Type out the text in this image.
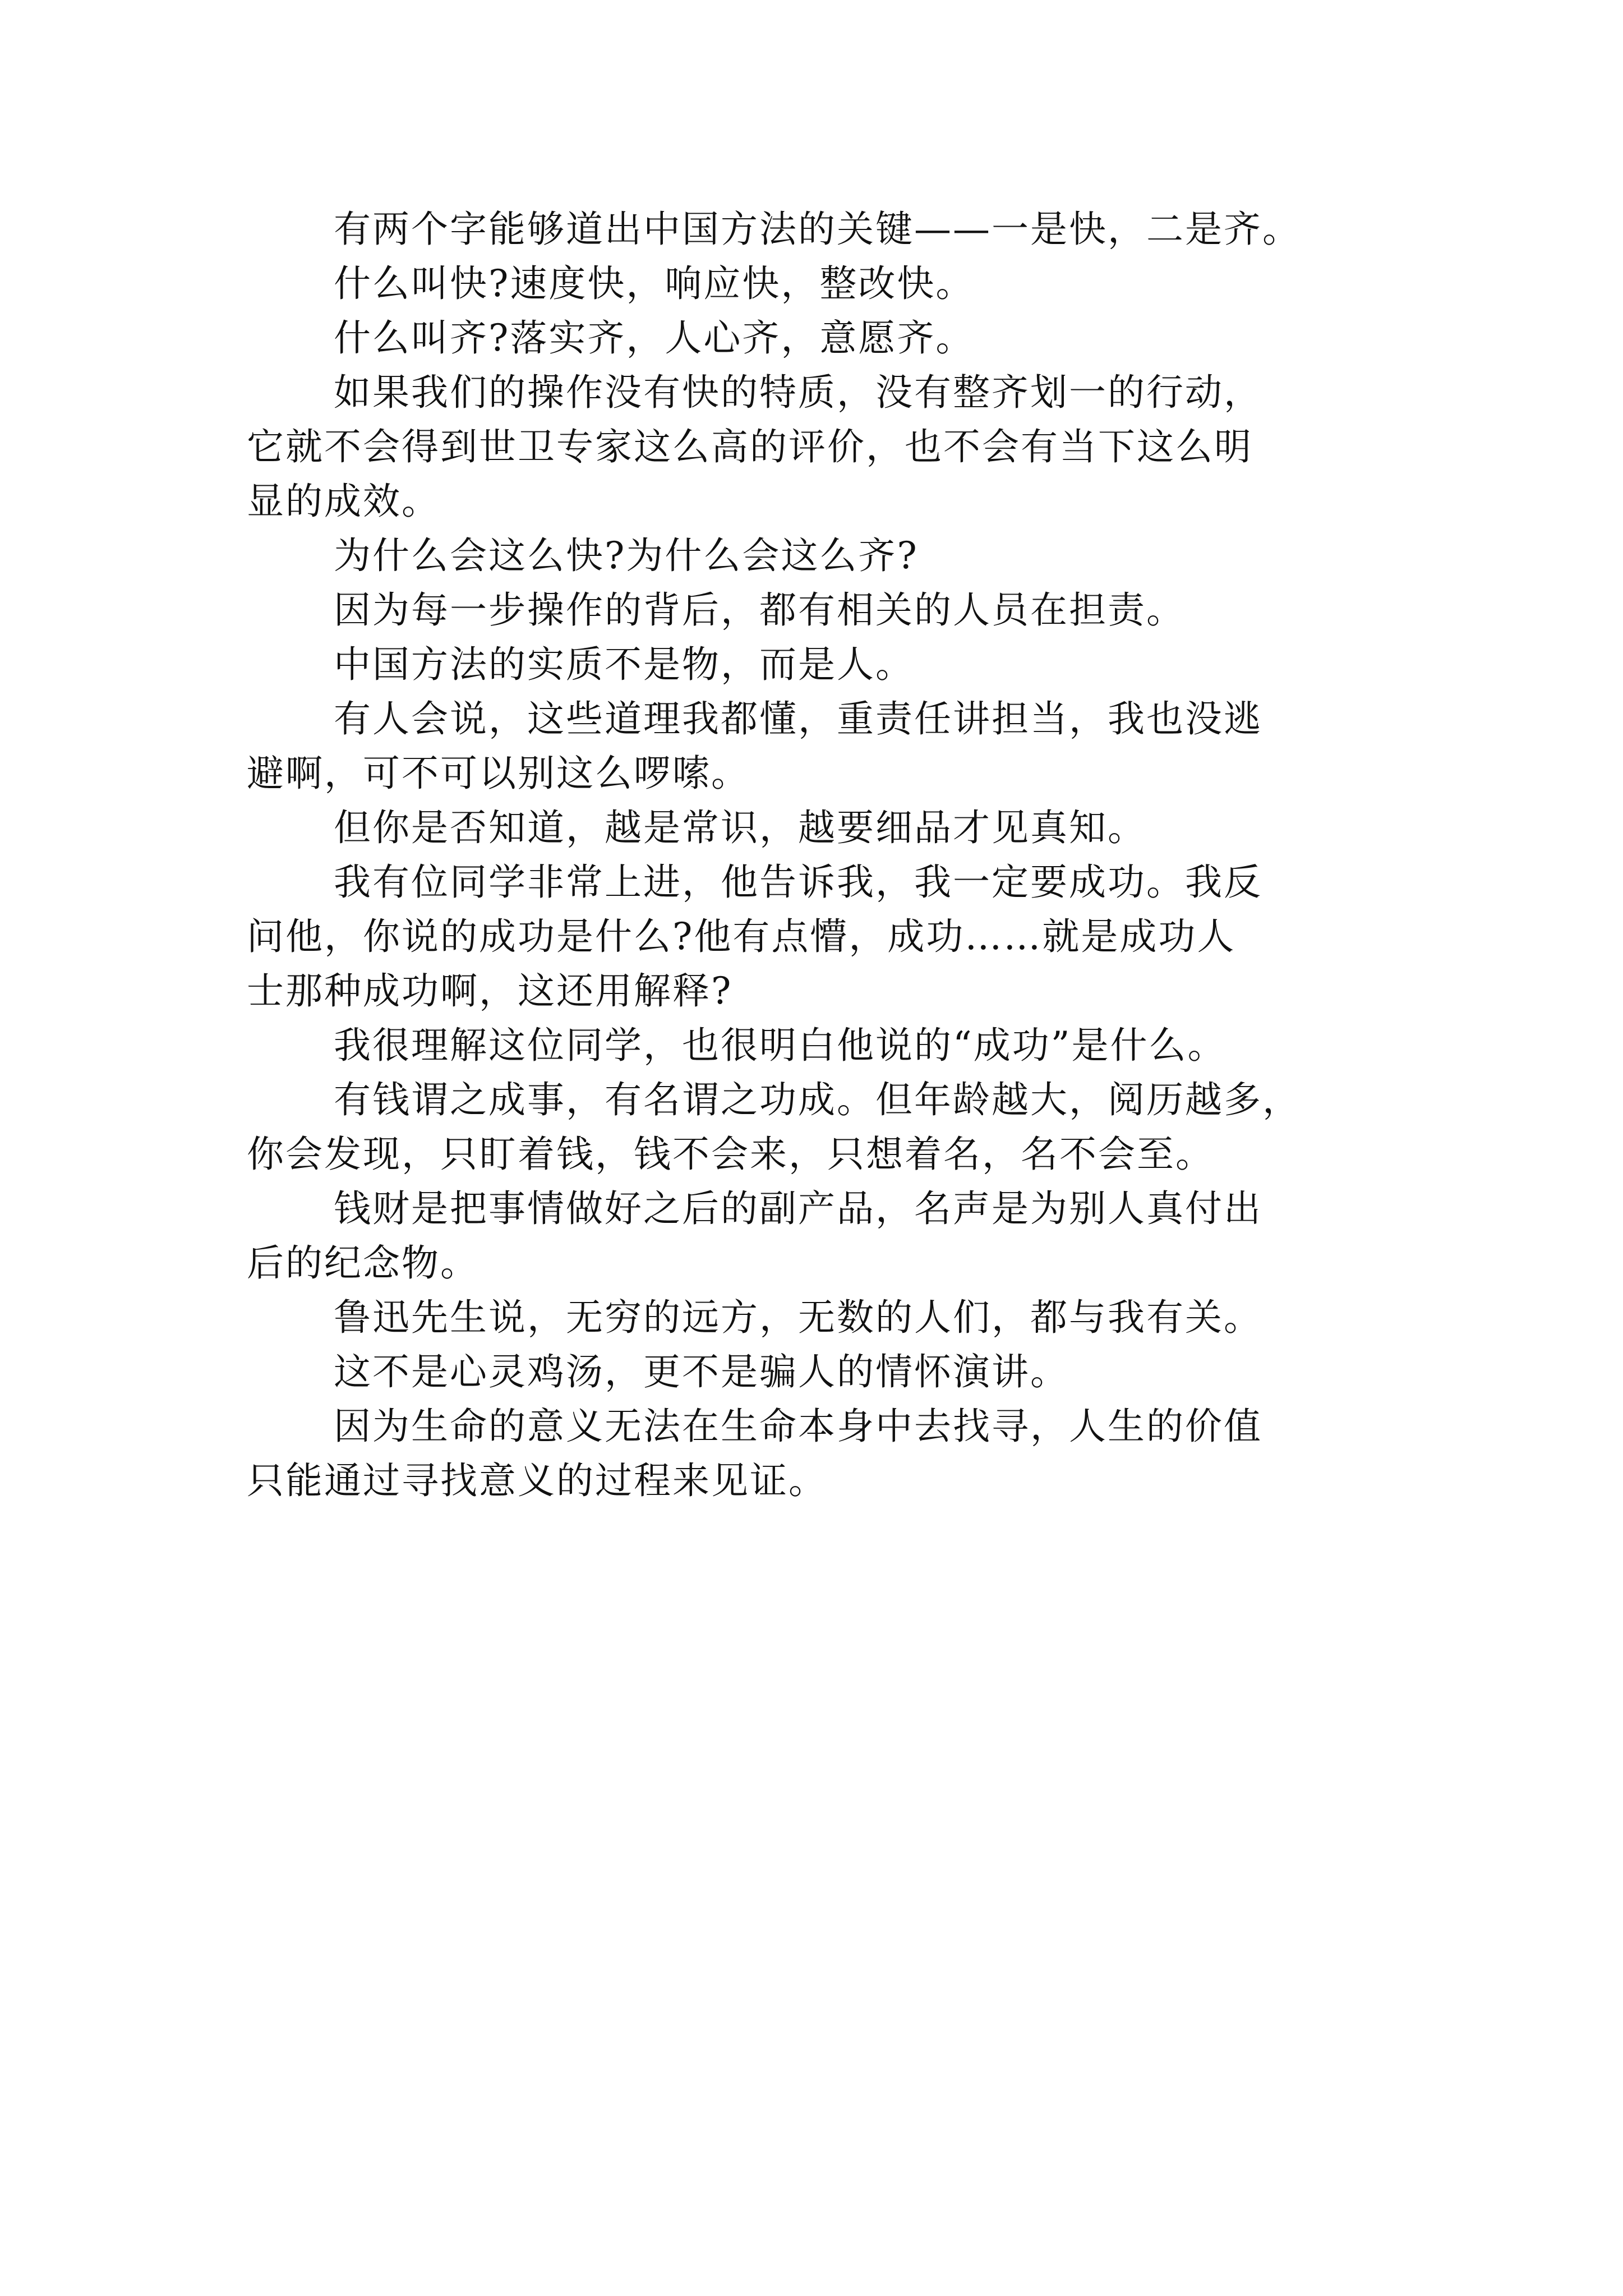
有两个字能够道出中国方法的关键——一是快，二是齐。
什么叫快?速度快，响应快，整改快。
什么叫齐?落实齐，人心齐，意愿齐。
如果我们的操作没有快的特质，没有整齐划一的行动，
它就不会得到世卫专家这么高的评价，也不会有当下这么明
显的成效。
为什么会这么快?为什么会这么齐?
因为每一步操作的背后，都有相关的人员在担责。
中国方法的实质不是物，而是人。
有人会说，这些道理我都懂，重责任讲担当，我也没逃
避啊，可不可以别这么啰嗦。
但你是否知道，越是常识，越要细品才见真知。
我有位同学非常上进，他告诉我，我一定要成功。我反
问他，你说的成功是什么?他有点懵，成功……就是成功人
士那种成功啊，这还用解释?
我很理解这位同学，也很明白他说的“成功”是什么。
有钱谓之成事，有名谓之功成。但年龄越大，阅历越多，
你会发现，只盯着钱，钱不会来，只想着名，名不会至。
钱财是把事情做好之后的副产品，名声是为别人真付出
后的纪念物。
鲁迅先生说，无穷的远方，无数的人们，都与我有关。
这不是心灵鸡汤，更不是骗人的情怀演讲。
因为生命的意义无法在生命本身中去找寻，人生的价值
只能通过寻找意义的过程来见证。
